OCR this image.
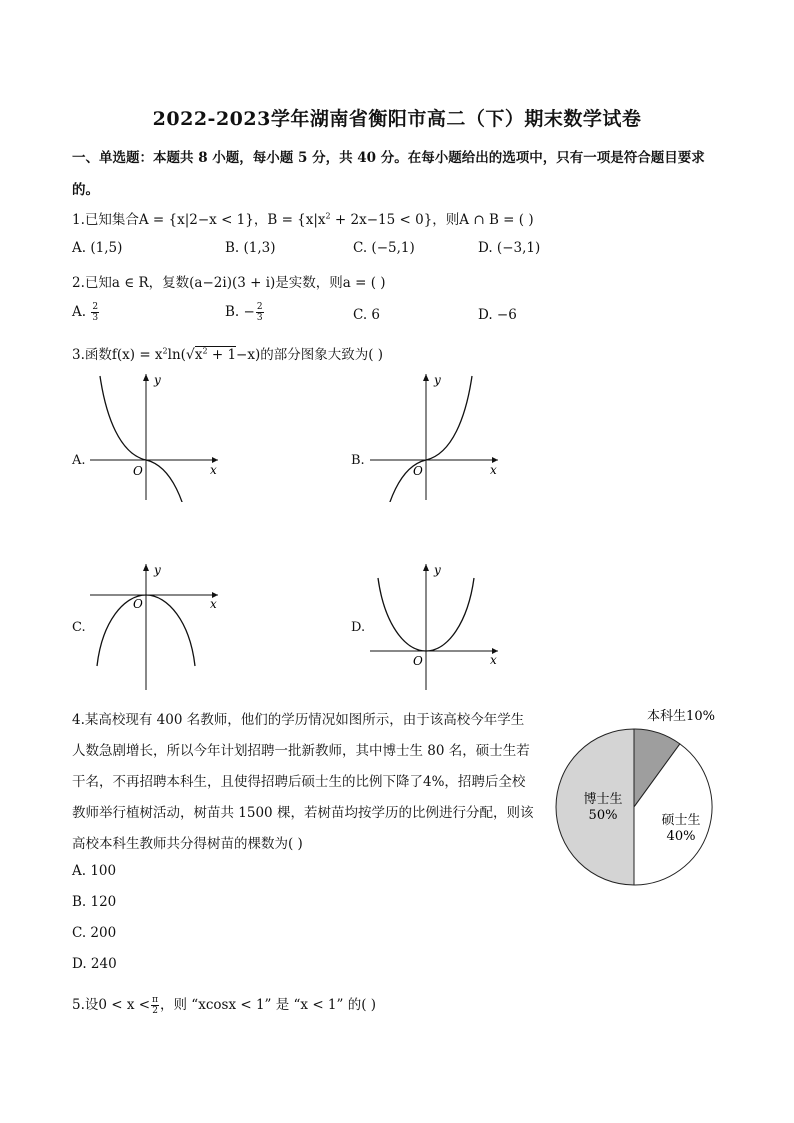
2022-2023学年湖南省衡阳市高二（下）期末数学试卷
一、单选题：本题共 8 小题，每小题 5 分，共 40 分。在每小题给出的选项中，只有一项是符合题目要求
的。
1.已知集合A = {x|2−x < 1}，$B = \{x|x^2 + 2x-15 < 0\}$，则A ∩ B = ( )
A. (1,5)	B. (1,3)	C. (−5,1)	D. (−3,1)
2.已知a ∈ R，复数(a−2i)(3 + i)是实数，则a = ( )
A. $\frac{2}{3}$	B. − $\frac{2}{3}$	C. 6	D. −6
3.函数$f(x) = x^2\ln(√x^2 + 1-x)$的部分图象大致为( )
A.
y
x
O
B.
y
x
O
C.
y
x
O
D.
y
x
O
4.某高校现有 400 名教师，他们的学历情况如图所示，由于该高校今年学生
人数急剧增长，所以今年计划招聘一批新教师，其中博士生 80 名，硕士生若
干名，不再招聘本科生，且使得招聘后硕士生的比例下降了4%，招聘后全校
教师举行植树活动，树苗共 1500 棵，若树苗均按学历的比例进行分配，则该
高校本科生教师共分得树苗的棵数为( )
A. 100
B. 120
C. 200
D. 240
本科生10%
硕士生
40%
博士生
50%
5.设$0 < x < \frac{\pi}{2}$ ，则 “xcosx < 1” 是 “x < 1” 的( )
